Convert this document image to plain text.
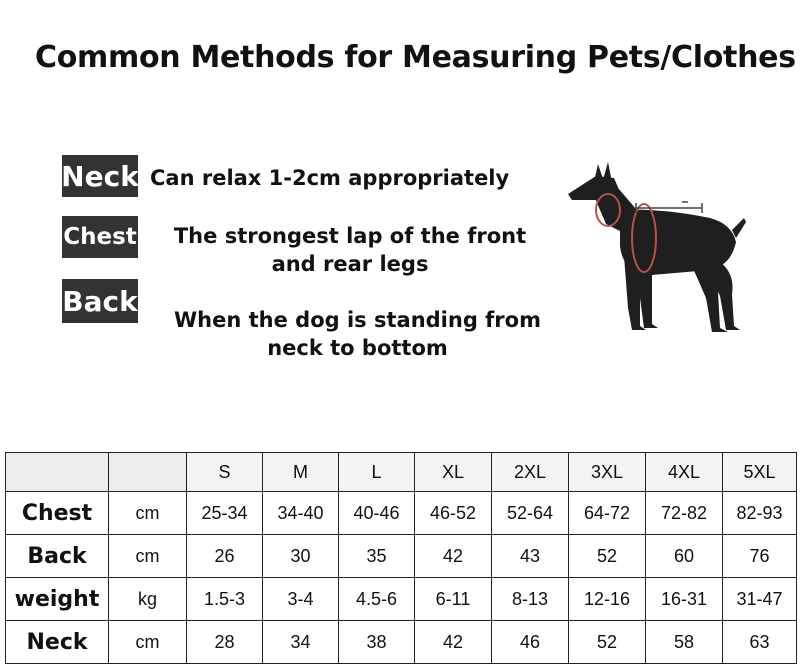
Common Methods for Measuring Pets/Clothes
Neck Can relax 1-2cm appropriately
Chest	The strongest lap of the front and rear legs
Back
When the dog is standing from neck to bottom
		S	M	L	XL	2XL	3XL	4XL	5XL
Chest	cm	25-34	34-40	40-46	46-52	52-64	64-72	72-82	82-93
Back	cm	26	30	35	42	43	52	60	76
weight	kg	1.5-3	3-4	4.5-6	6-11	8-13	12-16	16-31	31-47
Neck	cm	28	34	38	42	46	52	58	63
